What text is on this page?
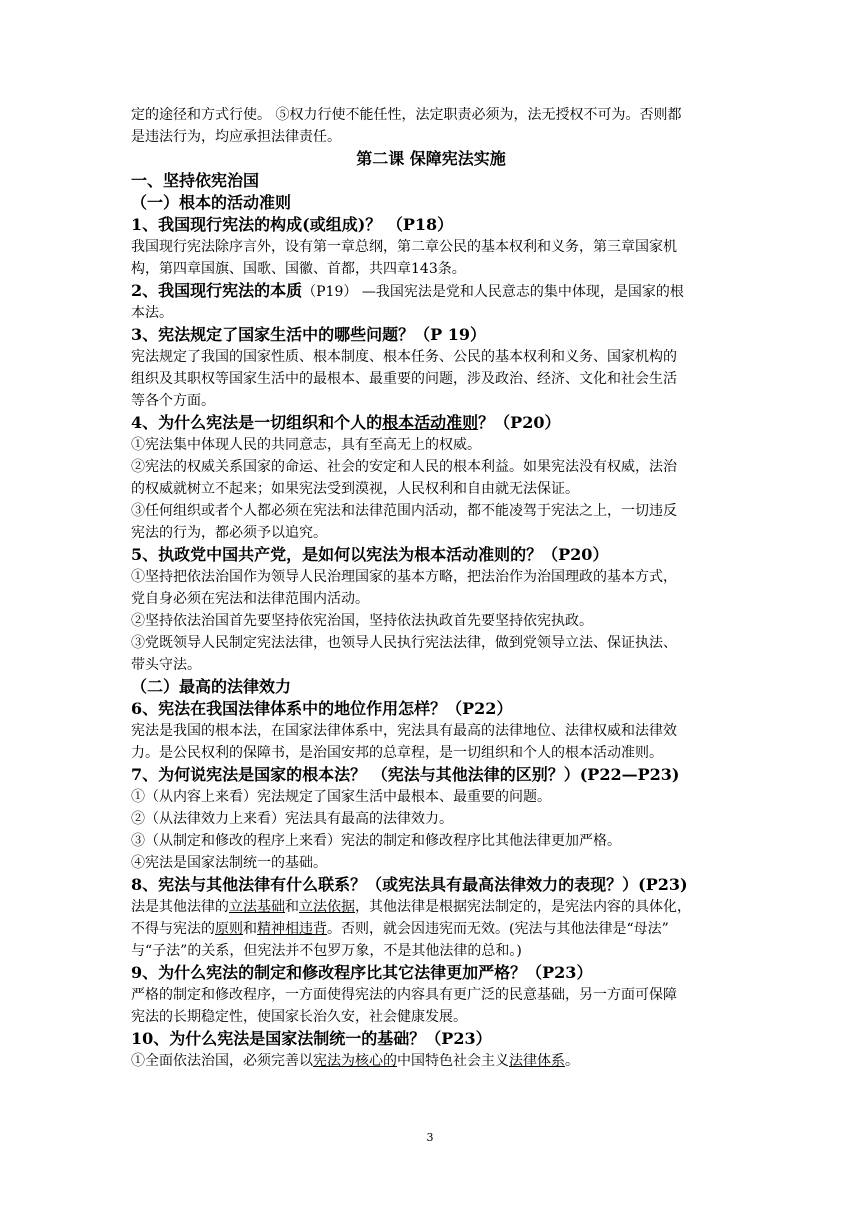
定的途径和方式行使。 ⑤权力行使不能任性，法定职责必须为，法无授权不可为。否则都
是违法行为，均应承担法律责任。
第二课 保障宪法实施
一、坚持依宪治国
（一）根本的活动准则
1、我国现行宪法的构成(或组成)？ （P18）
我国现行宪法除序言外，设有第一章总纲，第二章公民的基本权利和义务，第三章国家机
构，第四章国旗、国歌、国徽、首都，共四章143条。
2、我国现行宪法的本质（P19） —我国宪法是党和人民意志的集中体现，是国家的根
本法。
3、宪法规定了国家生活中的哪些问题？（P 19）
宪法规定了我国的国家性质、根本制度、根本任务、公民的基本权利和义务、国家机构的
组织及其职权等国家生活中的最根本、最重要的问题，涉及政治、经济、文化和社会生活
等各个方面。
4、为什么宪法是一切组织和个人的根本活动准则？（P20）
①宪法集中体现人民的共同意志，具有至高无上的权威。
②宪法的权威关系国家的命运、社会的安定和人民的根本利益。如果宪法没有权威，法治
的权威就树立不起来；如果宪法受到漠视，人民权利和自由就无法保证。
③任何组织或者个人都必须在宪法和法律范围内活动，都不能凌驾于宪法之上，一切违反
宪法的行为，都必须予以追究。
5、执政党中国共产党，是如何以宪法为根本活动准则的？（P20）
①坚持把依法治国作为领导人民治理国家的基本方略，把法治作为治国理政的基本方式，
党自身必须在宪法和法律范围内活动。
②坚持依法治国首先要坚持依宪治国，坚持依法执政首先要坚持依宪执政。
③党既领导人民制定宪法法律，也领导人民执行宪法法律，做到党领导立法、保证执法、
带头守法。
（二）最高的法律效力
6、宪法在我国法律体系中的地位作用怎样？（P22）
宪法是我国的根本法，在国家法律体系中，宪法具有最高的法律地位、法律权威和法律效
力。是公民权利的保障书，是治国安邦的总章程，是一切组织和个人的根本活动准则。
7、为何说宪法是国家的根本法？ （宪法与其他法律的区别？）(P22—P23)
①（从内容上来看）宪法规定了国家生活中最根本、最重要的问题。
②（从法律效力上来看）宪法具有最高的法律效力。
③（从制定和修改的程序上来看）宪法的制定和修改程序比其他法律更加严格。
④宪法是国家法制统一的基础。
8、宪法与其他法律有什么联系？（或宪法具有最高法律效力的表现？）(P23)
法是其他法律的立法基础和立法依据，其他法律是根据宪法制定的，是宪法内容的具体化，
不得与宪法的原则和精神相违背。否则，就会因违宪而无效。(宪法与其他法律是“母法”
与“子法”的关系，但宪法并不包罗万象，不是其他法律的总和。)
9、为什么宪法的制定和修改程序比其它法律更加严格？（P23）
严格的制定和修改程序，一方面使得宪法的内容具有更广泛的民意基础，另一方面可保障
宪法的长期稳定性，使国家长治久安，社会健康发展。
10、为什么宪法是国家法制统一的基础？（P23）
①全面依法治国，必须完善以宪法为核心的中国特色社会主义法律体系。
3
